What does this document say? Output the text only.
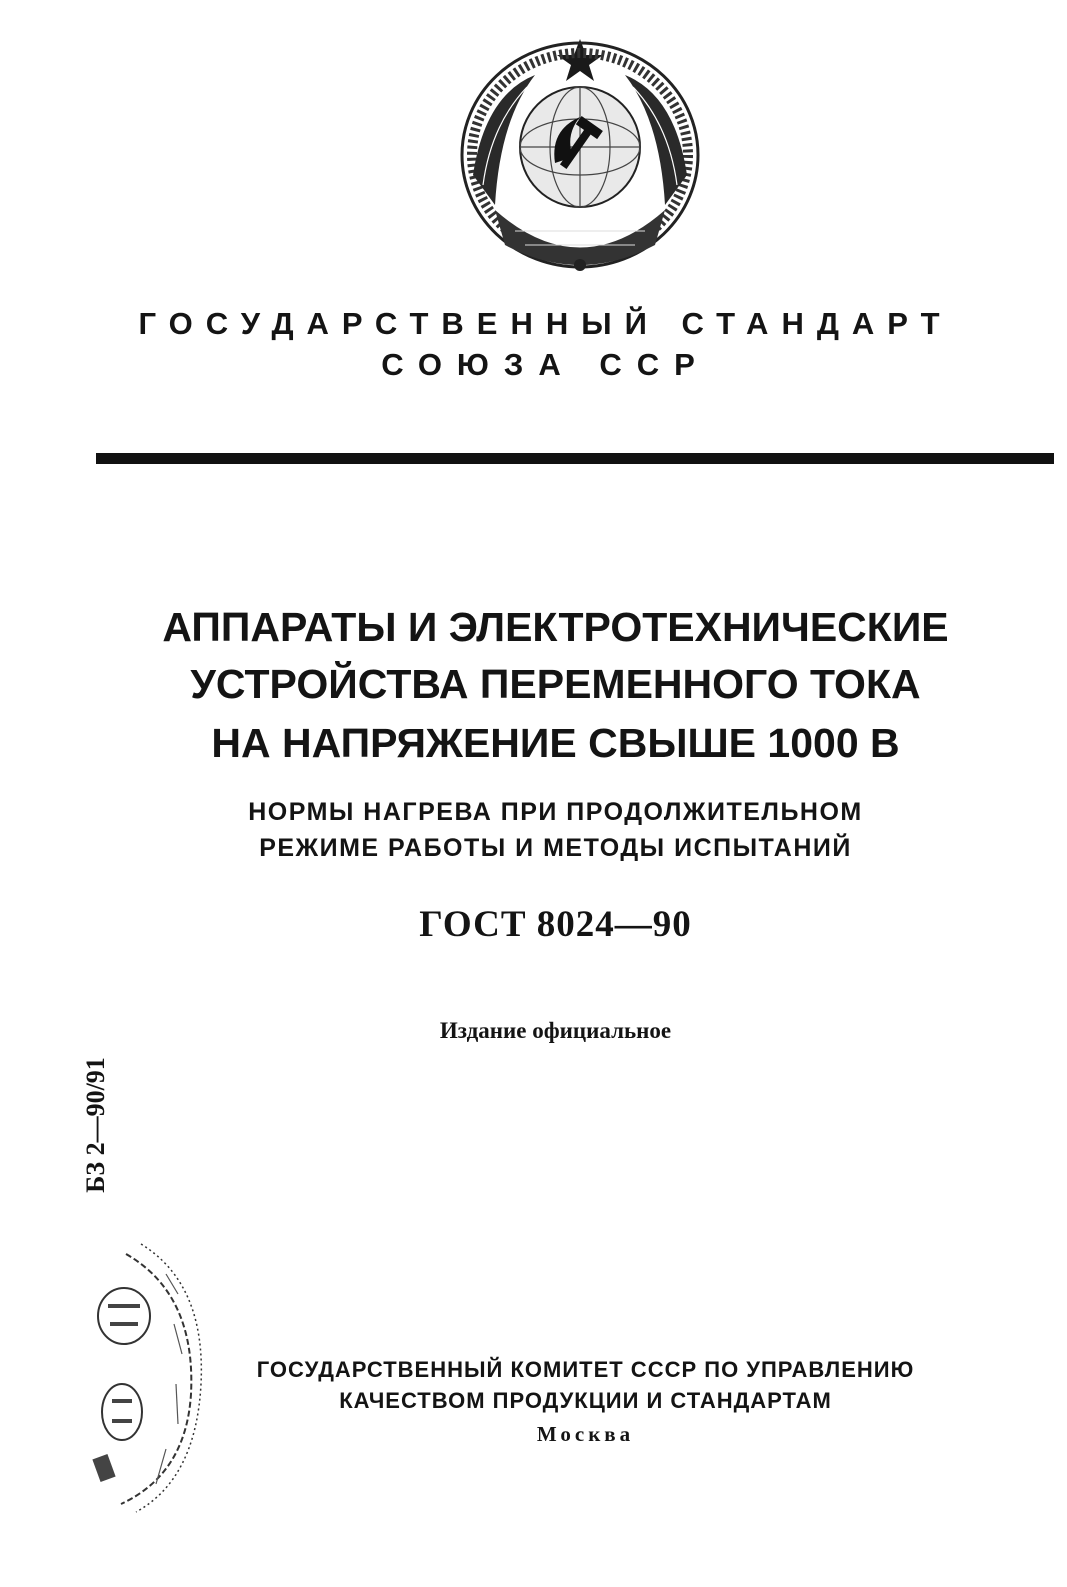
ГОСУДАРСТВЕННЫЙ СТАНДАРТ
СОЮЗА ССР
АППАРАТЫ И ЭЛЕКТРОТЕХНИЧЕСКИЕ
УСТРОЙСТВА ПЕРЕМЕННОГО ТОКА
НА НАПРЯЖЕНИЕ СВЫШЕ 1000 В
НОРМЫ НАГРЕВА ПРИ ПРОДОЛЖИТЕЛЬНОМ
РЕЖИМЕ РАБОТЫ И МЕТОДЫ ИСПЫТАНИЙ
ГОСТ 8024—90
Издание официальное
БЗ 2—90/91
ГОСУДАРСТВЕННЫЙ КОМИТЕТ СССР ПО УПРАВЛЕНИЮ
КАЧЕСТВОМ ПРОДУКЦИИ И СТАНДАРТАМ
Москва
